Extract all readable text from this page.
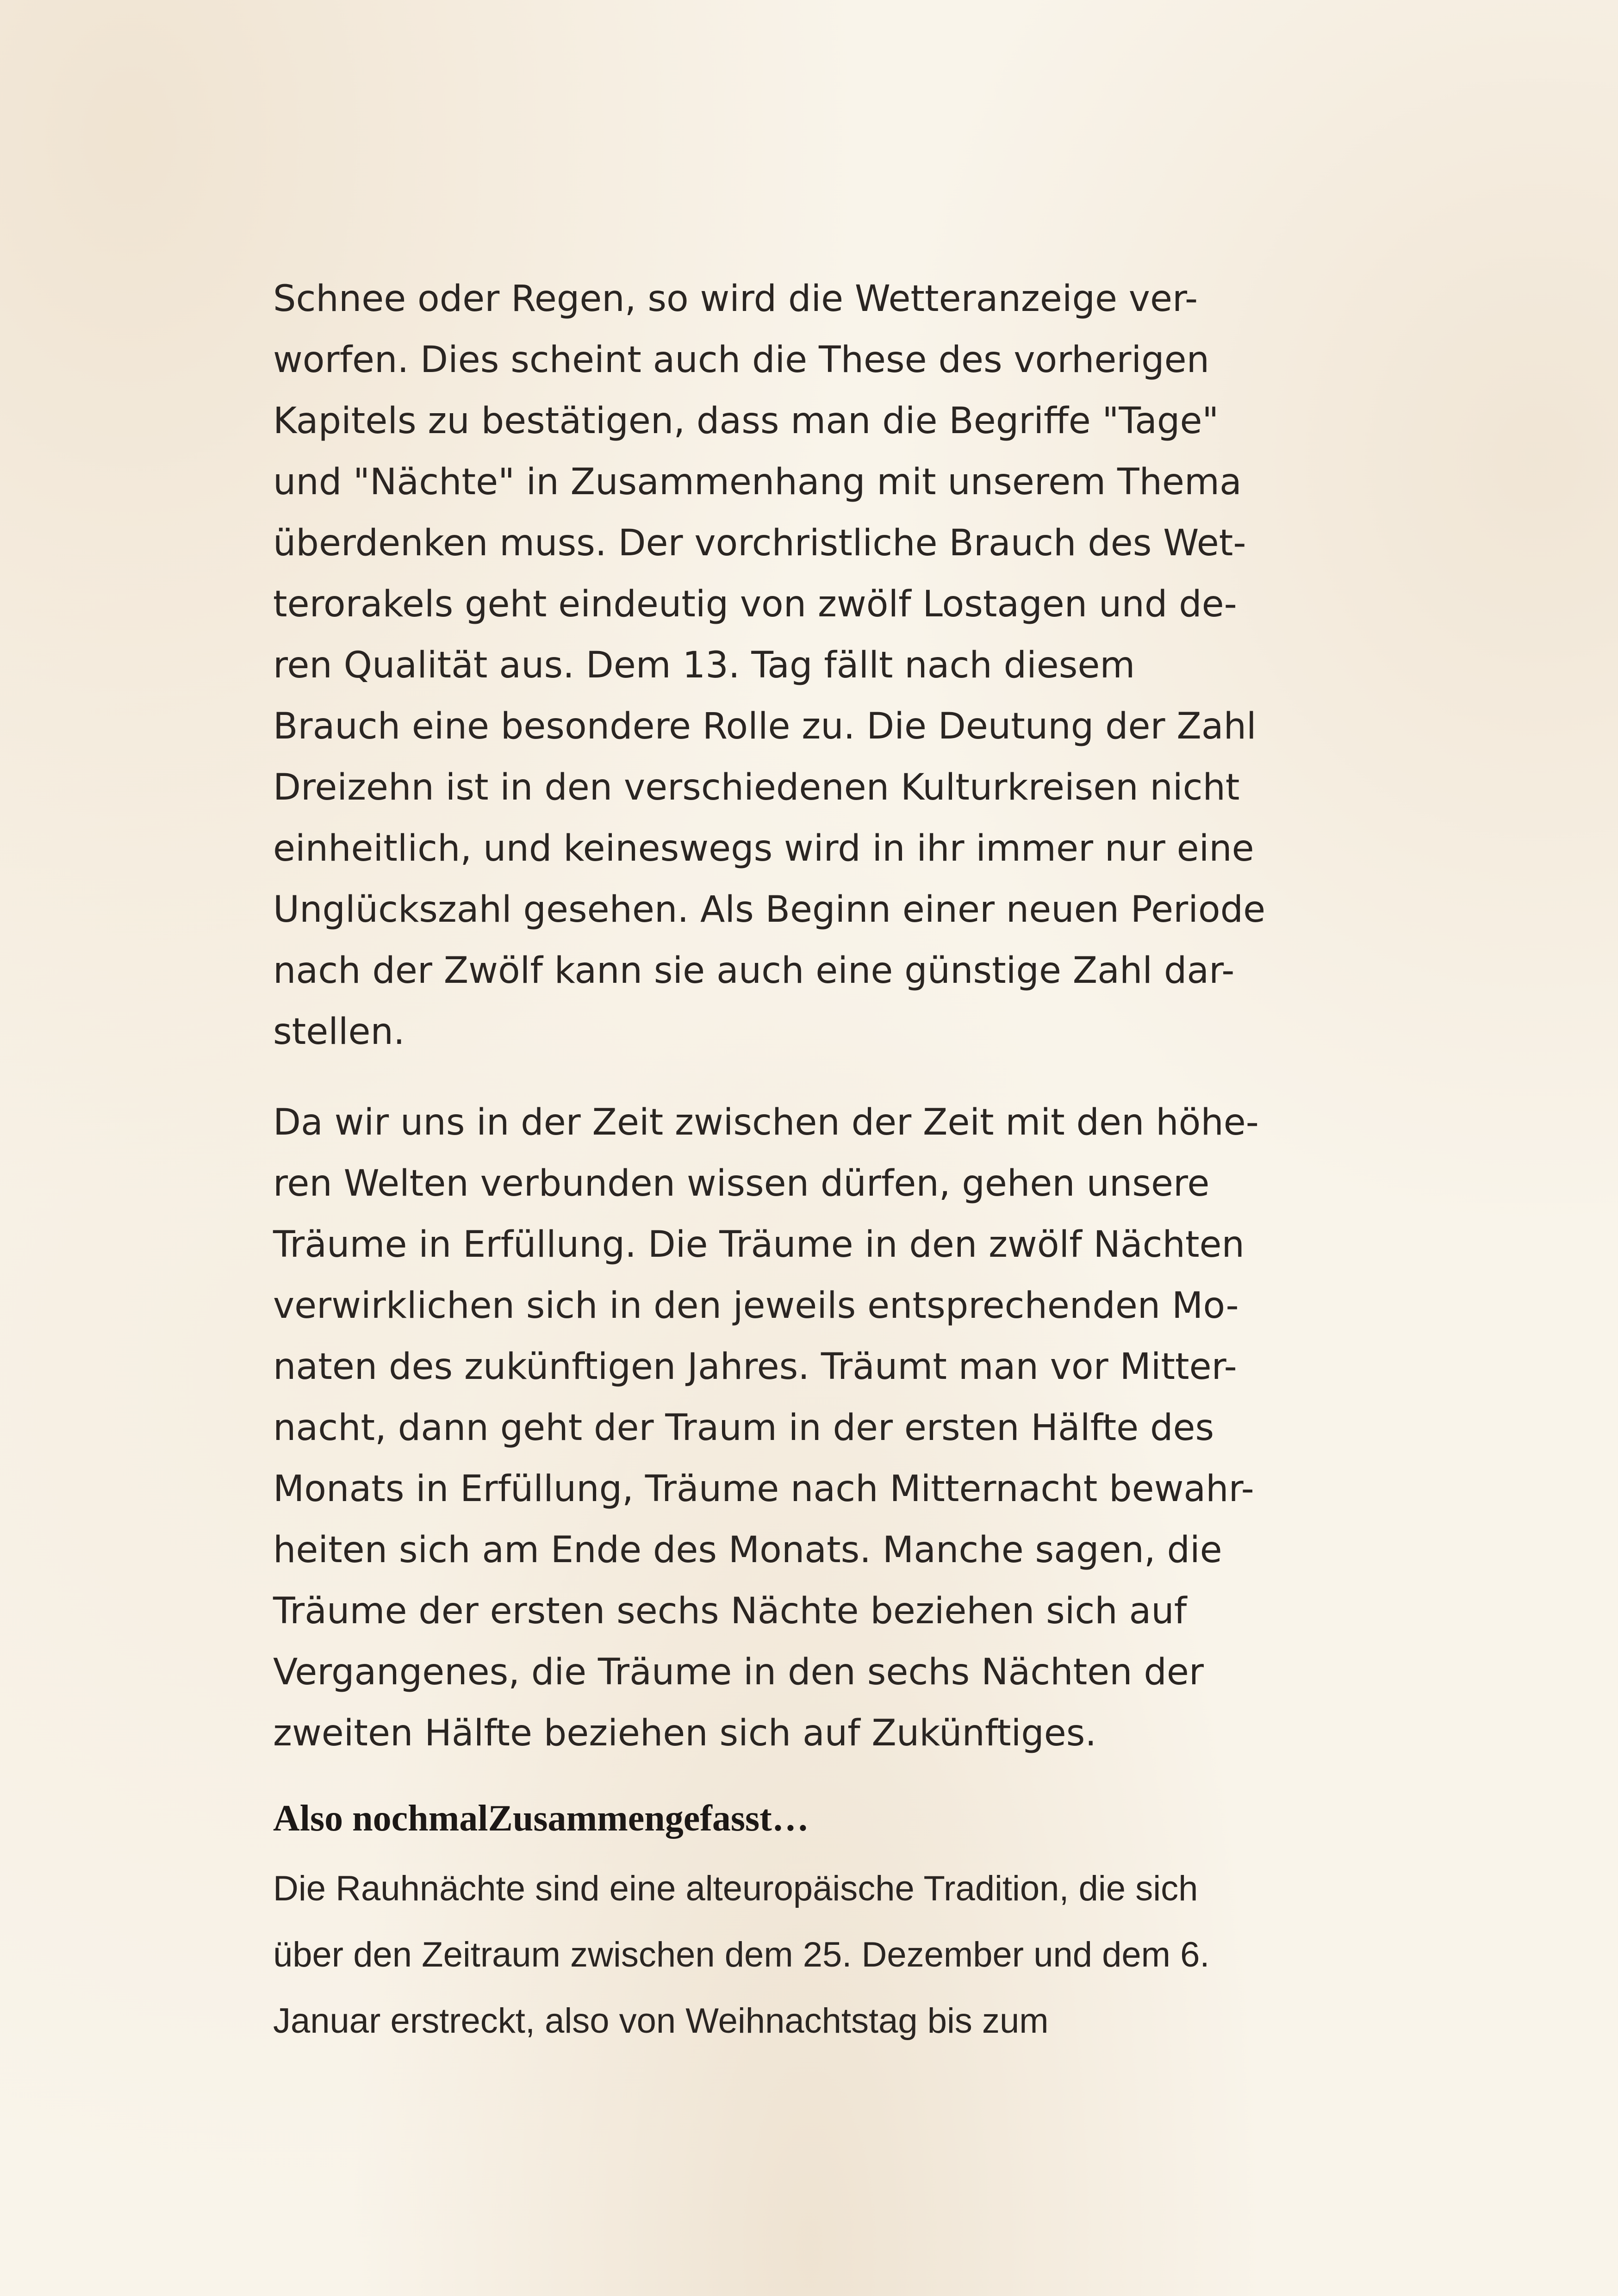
Schnee oder Regen, so wird die Wetteranzeige ver-
worfen. Dies scheint auch die These des vorherigen
Kapitels zu bestätigen, dass man die Begriffe "Tage"
und "Nächte" in Zusammenhang mit unserem Thema
überdenken muss. Der vorchristliche Brauch des Wet-
terorakels geht eindeutig von zwölf Lostagen und de-
ren Qualität aus. Dem 13. Tag fällt nach diesem
Brauch eine besondere Rolle zu. Die Deutung der Zahl
Dreizehn ist in den verschiedenen Kulturkreisen nicht
einheitlich, und keineswegs wird in ihr immer nur eine
Unglückszahl gesehen. Als Beginn einer neuen Periode
nach der Zwölf kann sie auch eine günstige Zahl dar-
stellen.
Da wir uns in der Zeit zwischen der Zeit mit den höhe-
ren Welten verbunden wissen dürfen, gehen unsere
Träume in Erfüllung. Die Träume in den zwölf Nächten
verwirklichen sich in den jeweils entsprechenden Mo-
naten des zukünftigen Jahres. Träumt man vor Mitter-
nacht, dann geht der Traum in der ersten Hälfte des
Monats in Erfüllung, Träume nach Mitternacht bewahr-
heiten sich am Ende des Monats. Manche sagen, die
Träume der ersten sechs Nächte beziehen sich auf
Vergangenes, die Träume in den sechs Nächten der
zweiten Hälfte beziehen sich auf Zukünftiges.
Also nochmalZusammengefasst…
Die Rauhnächte sind eine alteuropäische Tradition, die sich
über den Zeitraum zwischen dem 25. Dezember und dem 6.
Januar erstreckt, also von Weihnachtstag bis zum
